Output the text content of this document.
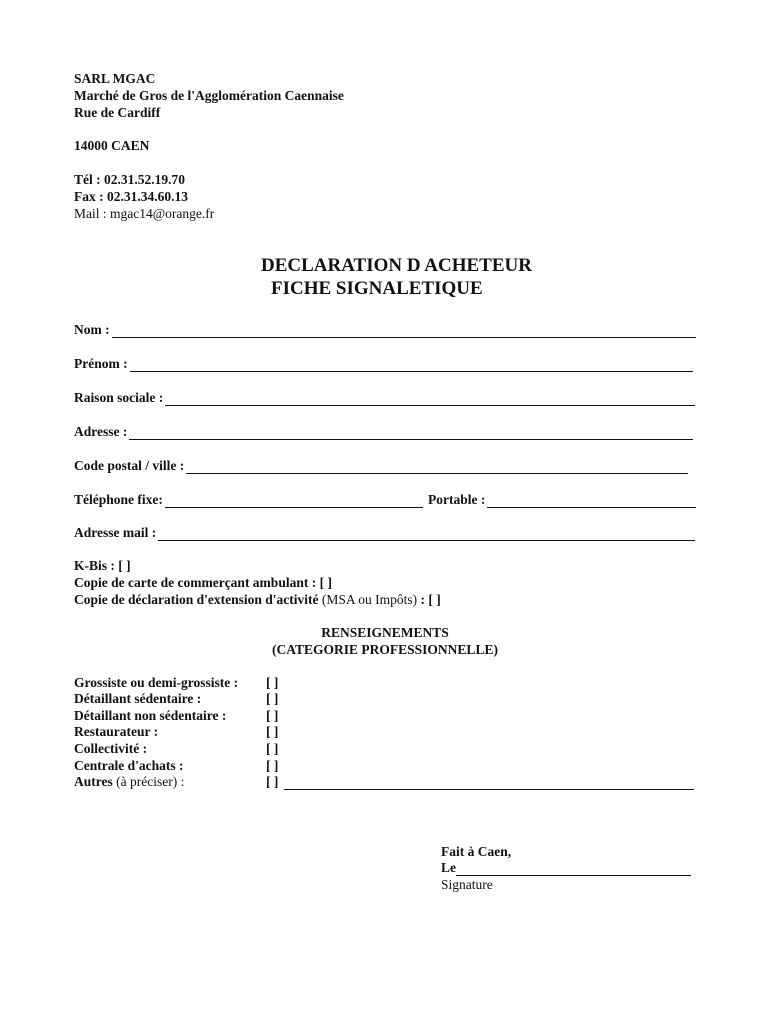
SARL MGAC
Marché de Gros de l'Agglomération Caennaise
Rue de Cardiff
14000 CAEN
Tél : 02.31.52.19.70
Fax : 02.31.34.60.13
Mail : mgac14@orange.fr
DECLARATION D ACHETEUR
FICHE SIGNALETIQUE
Nom :
Prénom :
Raison sociale :
Adresse :
Code postal / ville :
Téléphone fixe:	Portable :
Adresse mail :
K-Bis : [ ]
Copie de carte de commerçant ambulant : [ ]
Copie de déclaration d'extension d'activité (MSA ou Impôts) : [ ]
RENSEIGNEMENTS
(CATEGORIE PROFESSIONNELLE)
Grossiste ou demi-grossiste : [ ]
Détaillant sédentaire :	[ ]
Détaillant non sédentaire :	[ ]
Restaurateur :	[ ]
Collectivité :	[ ]
Centrale d'achats :	[ ]
Autres (à préciser) :	[ ]
Fait à Caen,
Le
Signature
